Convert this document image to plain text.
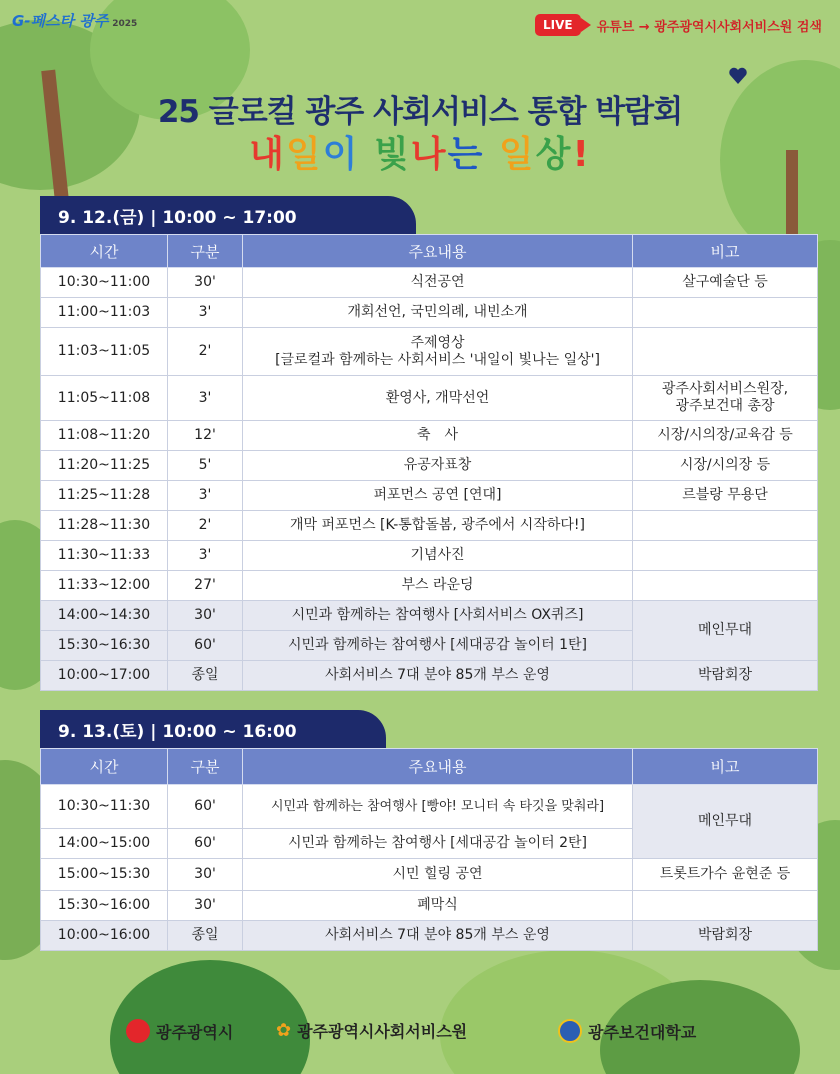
G-페스타 광주 2025	LIVE	유튜브 → 광주광역시사회서비스원 검색
25 글로컬 광주 사회서비스 통합 박람회
내일이 빛나는 일상!
9. 12.(금) | 10:00 ~ 17:00
시간	구분	주요내용	비고
10:30~11:00	30'	식전공연	살구예술단 등
11:00~11:03	3'	개회선언, 국민의례, 내빈소개	
11:03~11:05	2'	주제영상
[글로컬과 함께하는 사회서비스 '내일이 빛나는 일상']	

11:05~11:08	3'	환영사, 개막선언	광주사회서비스원장,
광주보건대 총장

11:08~11:20	12'	축　사	시장/시의장/교육감 등
11:20~11:25	5'	유공자표창	시장/시의장 등
11:25~11:28	3'	퍼포먼스 공연 [연대]	르블랑 무용단
11:28~11:30	2'	개막 퍼포먼스 [K-통합돌봄, 광주에서 시작하다!]	
11:30~11:33	3'	기념사진	
11:33~12:00	27'	부스 라운딩	
14:00~14:30	30'	시민과 함께하는 참여행사 [사회서비스 OX퀴즈]	메인무대
15:30~16:30	60'	시민과 함께하는 참여행사 [세대공감 놀이터 1탄]	
10:00~17:00	종일	사회서비스 7대 분야 85개 부스 운영	박람회장
9. 13.(토) | 10:00 ~ 16:00
시간	구분	주요내용	비고
10:30~11:30	60'	시민과 함께하는 참여행사 [빵야! 모니터 속 타깃을 맞춰라]	메인무대
14:00~15:00	60'	시민과 함께하는 참여행사 [세대공감 놀이터 2탄]	
15:00~15:30	30'	시민 힐링 공연	트롯트가수 윤현준 등
15:30~16:00	30'	폐막식	
10:00~16:00	종일	사회서비스 7대 분야 85개 부스 운영	박람회장
광주광역시 ✿ 광주광역시사회서비스원	광주보건대학교
